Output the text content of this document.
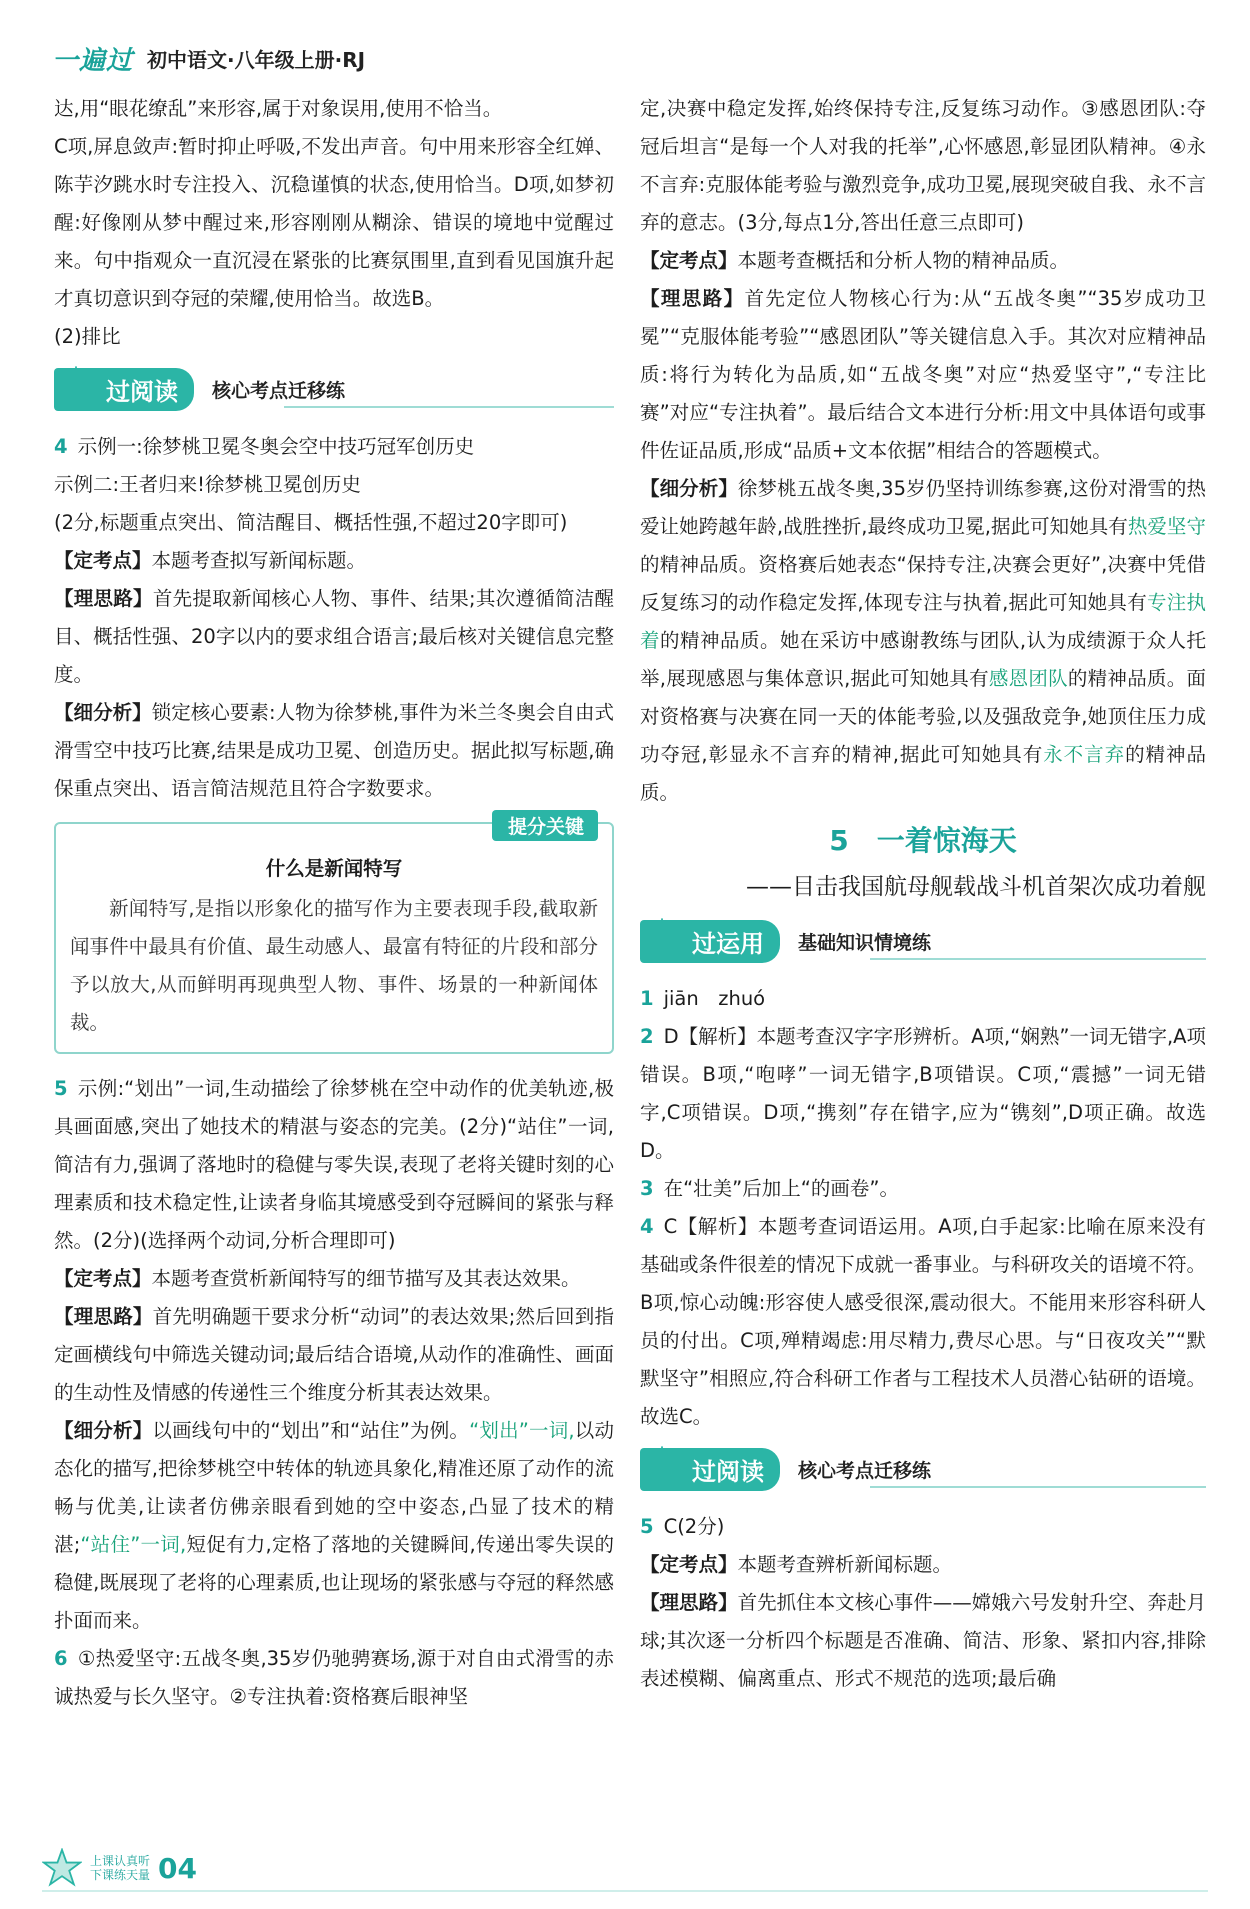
一遍过 初中语文·八年级上册·RJ

达,用“眼花缭乱”来形容,属于对象误用,使用不恰当。

C项,屏息敛声:暂时抑止呼吸,不发出声音。句中用来形容全红婵、陈芋汐跳水时专注投入、沉稳谨慎的状态,使用恰当。D项,如梦初醒:好像刚从梦中醒过来,形容刚刚从糊涂、错误的境地中觉醒过来。句中指观众一直沉浸在紧张的比赛氛围里,直到看见国旗升起才真切意识到夺冠的荣耀,使用恰当。故选B。

(2)排比

过阅读	核心考点迁移练

4 示例一:徐梦桃卫冕冬奥会空中技巧冠军创历史

示例二:王者归来!徐梦桃卫冕创历史

(2分,标题重点突出、简洁醒目、概括性强,不超过20字即可)

【定考点】本题考查拟写新闻标题。

【理思路】首先提取新闻核心人物、事件、结果;其次遵循简洁醒目、概括性强、20字以内的要求组合语言;最后核对关键信息完整度。

【细分析】锁定核心要素:人物为徐梦桃,事件为米兰冬奥会自由式滑雪空中技巧比赛,结果是成功卫冕、创造历史。据此拟写标题,确保重点突出、语言简洁规范且符合字数要求。

提分关键
什么是新闻特写

新闻特写,是指以形象化的描写作为主要表现手段,截取新闻事件中最具有价值、最生动感人、最富有特征的片段和部分予以放大,从而鲜明再现典型人物、事件、场景的一种新闻体裁。

5 示例:“划出”一词,生动描绘了徐梦桃在空中动作的优美轨迹,极具画面感,突出了她技术的精湛与姿态的完美。(2分)“站住”一词,简洁有力,强调了落地时的稳健与零失误,表现了老将关键时刻的心理素质和技术稳定性,让读者身临其境感受到夺冠瞬间的紧张与释然。(2分)(选择两个动词,分析合理即可)

【定考点】本题考查赏析新闻特写的细节描写及其表达效果。

【理思路】首先明确题干要求分析“动词”的表达效果;然后回到指定画横线句中筛选关键动词;最后结合语境,从动作的准确性、画面的生动性及情感的传递性三个维度分析其表达效果。

【细分析】以画线句中的“划出”和“站住”为例。“划出”一词,以动态化的描写,把徐梦桃空中转体的轨迹具象化,精准还原了动作的流畅与优美,让读者仿佛亲眼看到她的空中姿态,凸显了技术的精湛;“站住”一词,短促有力,定格了落地的关键瞬间,传递出零失误的稳健,既展现了老将的心理素质,也让现场的紧张感与夺冠的释然感扑面而来。

6 ①热爱坚守:五战冬奥,35岁仍驰骋赛场,源于对自由式滑雪的赤诚热爱与长久坚守。②专注执着:资格赛后眼神坚

定,决赛中稳定发挥,始终保持专注,反复练习动作。③感恩团队:夺冠后坦言“是每一个人对我的托举”,心怀感恩,彰显团队精神。④永不言弃:克服体能考验与激烈竞争,成功卫冕,展现突破自我、永不言弃的意志。(3分,每点1分,答出任意三点即可)

【定考点】本题考查概括和分析人物的精神品质。

【理思路】首先定位人物核心行为:从“五战冬奥”“35岁成功卫冕”“克服体能考验”“感恩团队”等关键信息入手。其次对应精神品质:将行为转化为品质,如“五战冬奥”对应“热爱坚守”,“专注比赛”对应“专注执着”。最后结合文本进行分析:用文中具体语句或事件佐证品质,形成“品质+文本依据”相结合的答题模式。

【细分析】徐梦桃五战冬奥,35岁仍坚持训练参赛,这份对滑雪的热爱让她跨越年龄,战胜挫折,最终成功卫冕,据此可知她具有热爱坚守的精神品质。资格赛后她表态“保持专注,决赛会更好”,决赛中凭借反复练习的动作稳定发挥,体现专注与执着,据此可知她具有专注执着的精神品质。她在采访中感谢教练与团队,认为成绩源于众人托举,展现感恩与集体意识,据此可知她具有感恩团队的精神品质。面对资格赛与决赛在同一天的体能考验,以及强敌竞争,她顶住压力成功夺冠,彰显永不言弃的精神,据此可知她具有永不言弃的精神品质。

5　一着惊海天
——目击我国航母舰载战斗机首架次成功着舰
过运用	基础知识情境练

1 jiān　zhuó

2 D【解析】本题考查汉字字形辨析。A项,“娴熟”一词无错字,A项错误。B项,“咆哮”一词无错字,B项错误。C项,“震撼”一词无错字,C项错误。D项,“携刻”存在错字,应为“镌刻”,D项正确。故选D。

3 在“壮美”后加上“的画卷”。

4 C【解析】本题考查词语运用。A项,白手起家:比喻在原来没有基础或条件很差的情况下成就一番事业。与科研攻关的语境不符。B项,惊心动魄:形容使人感受很深,震动很大。不能用来形容科研人员的付出。C项,殚精竭虑:用尽精力,费尽心思。与“日夜攻关”“默默坚守”相照应,符合科研工作者与工程技术人员潜心钻研的语境。故选C。

过阅读	核心考点迁移练

5 C(2分)

【定考点】本题考查辨析新闻标题。

【理思路】首先抓住本文核心事件——嫦娥六号发射升空、奔赴月球;其次逐一分析四个标题是否准确、简洁、形象、紧扣内容,排除表述模糊、偏离重点、形式不规范的选项;最后确

上课认真听
下课练天量 04
